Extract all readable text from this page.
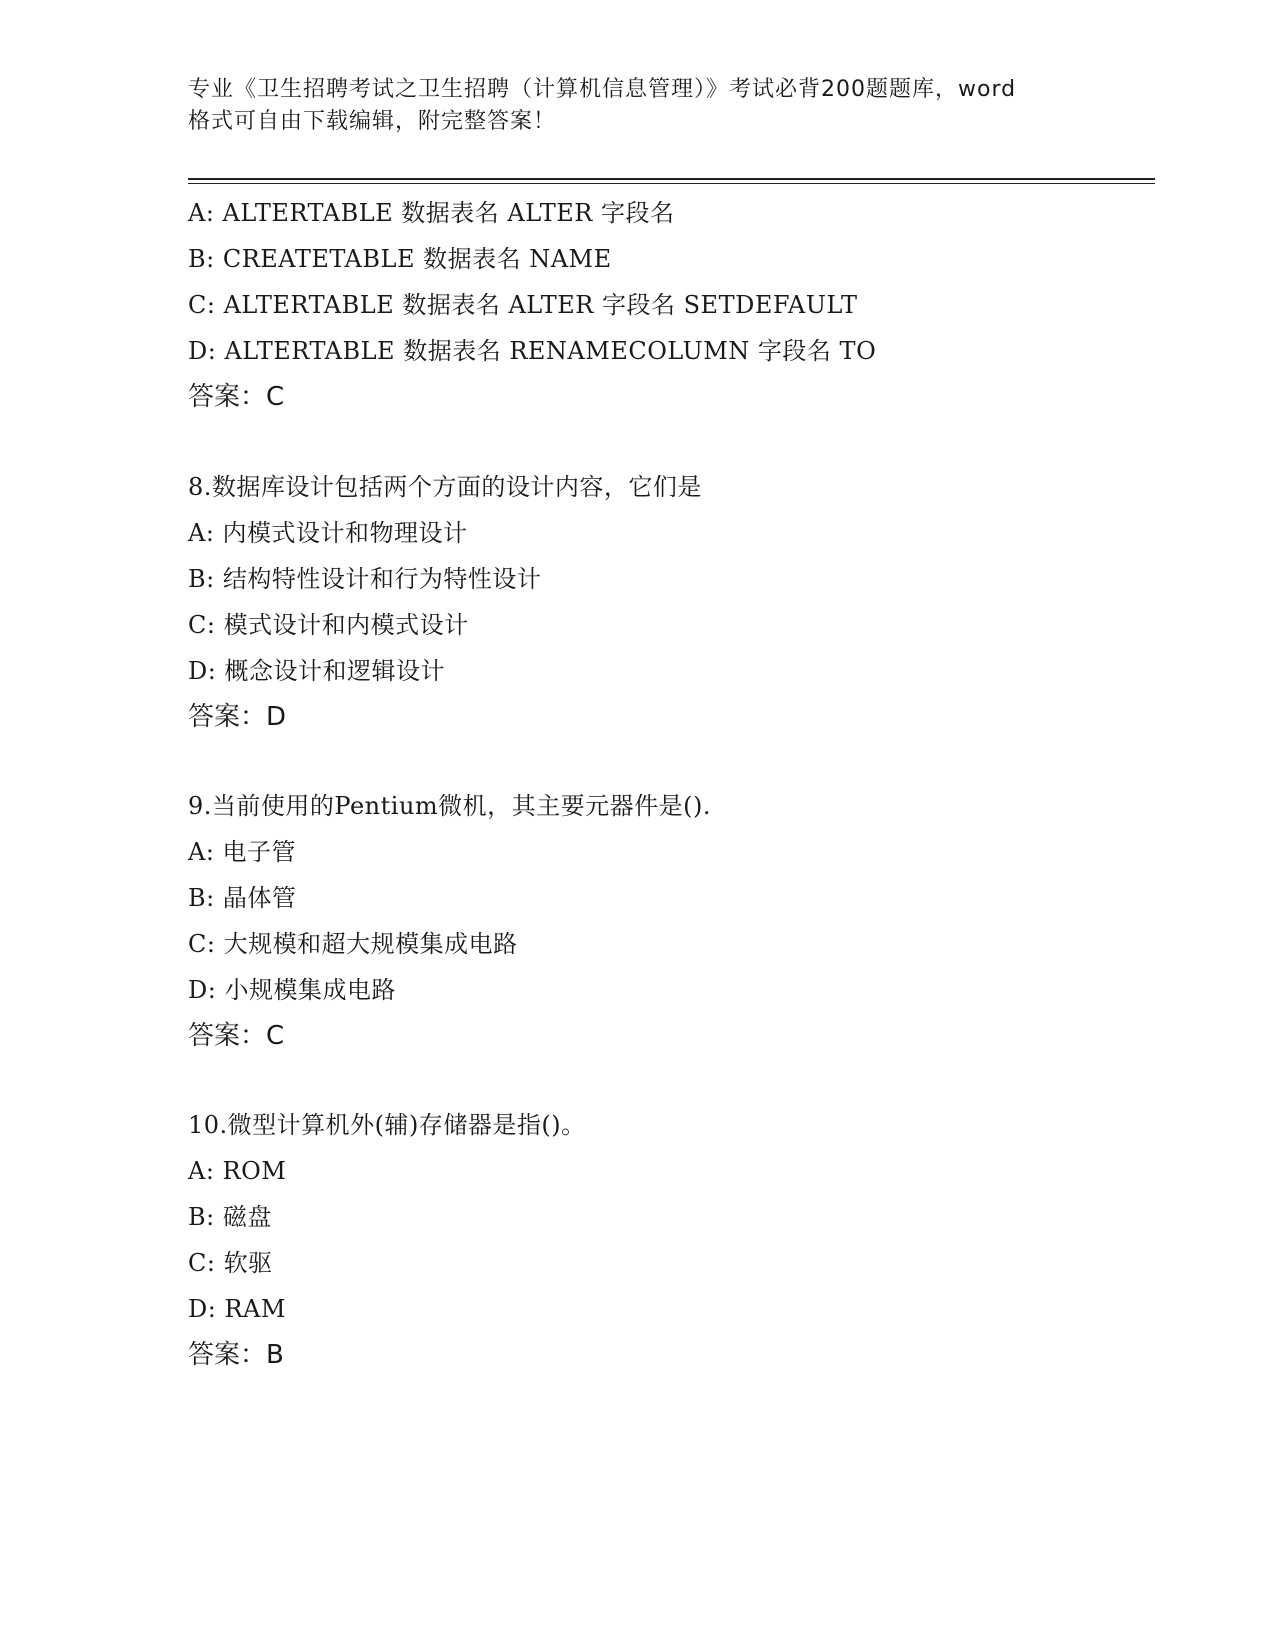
专业《卫生招聘考试之卫生招聘（计算机信息管理）》考试必背200题题库，word
格式可自由下载编辑，附完整答案！
A: ALTERTABLE 数据表名 ALTER 字段名
B: CREATETABLE 数据表名 NAME
C: ALTERTABLE 数据表名 ALTER 字段名 SETDEFAULT
D: ALTERTABLE 数据表名 RENAMECOLUMN 字段名 TO
答案：C
8.数据库设计包括两个方面的设计内容，它们是
A: 内模式设计和物理设计
B: 结构特性设计和行为特性设计
C: 模式设计和内模式设计
D: 概念设计和逻辑设计
答案：D
9.当前使用的Pentium微机，其主要元器件是().
A: 电子管
B: 晶体管
C: 大规模和超大规模集成电路
D: 小规模集成电路
答案：C
10.微型计算机外(辅)存储器是指()。
A: ROM
B: 磁盘
C: 软驱
D: RAM
答案：B
